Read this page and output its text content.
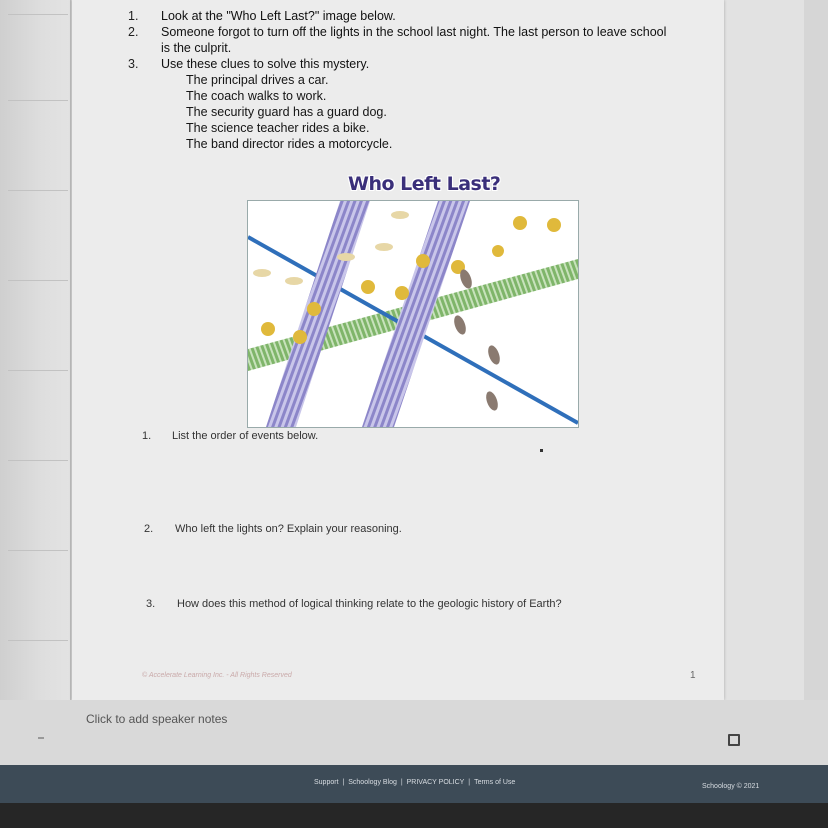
1. Look at the "Who Left Last?" image below.
2. Someone forgot to turn off the lights in the school last night. The last person to leave school
is the culprit.
3. Use these clues to solve this mystery.
The principal drives a car.
The coach walks to work.
The security guard has a guard dog.
The science teacher rides a bike.
The band director rides a motorcycle.
1. List the order of events below.
2. Who left the lights on? Explain your reasoning.
3. How does this method of logical thinking relate to the geologic history of Earth?
© Accelerate Learning Inc. - All Rights Reserved	1
Who Left Last?
Click to add speaker notes
Support | Schoology Blog | PRIVACY POLICY | Terms of Use
Schoology © 2021
